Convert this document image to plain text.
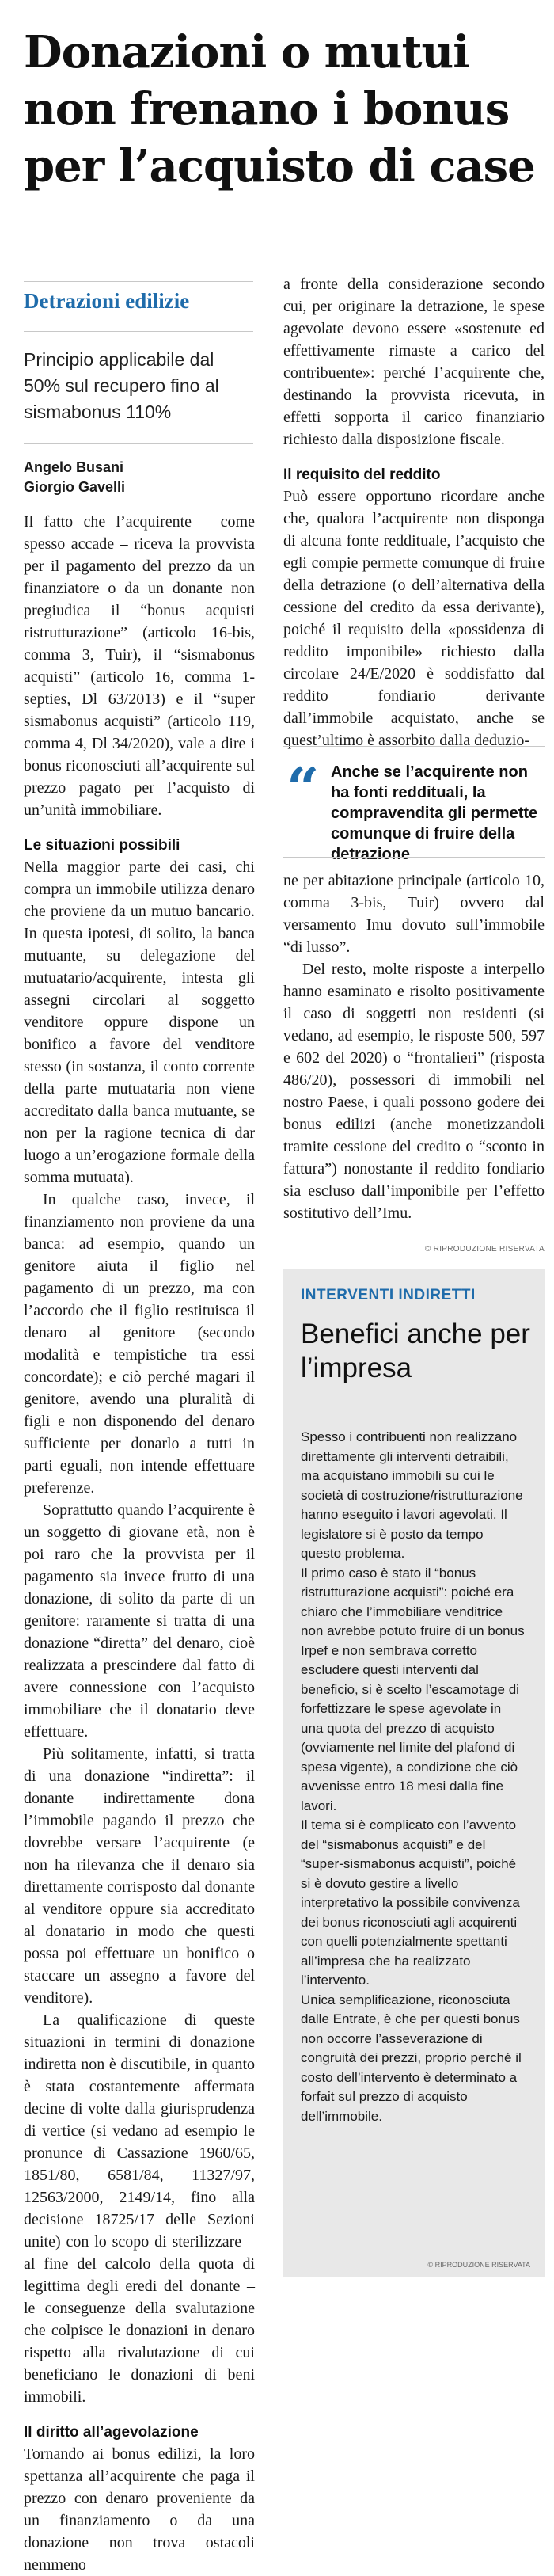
Donazioni o mutui non frenano i bonus per l’acquisto di case
Detrazioni edilizie
Principio applicabile dal 50% sul recupero fino al sismabonus 110%
Angelo Busani
Giorgio Gavelli
Il fatto che l’acquirente – come spesso accade – riceva la provvista per il pagamento del prezzo da un finanziatore o da un donante non pregiudica il “bonus acquisti ristrutturazione” (articolo 16-bis, comma 3, Tuir), il “sismabonus acquisti” (articolo 16, comma 1-septies, Dl 63/2013) e il “super sismabonus acquisti” (articolo 119, comma 4, Dl 34/2020), vale a dire i bonus riconosciuti all’acquirente sul prezzo pagato per l’acquisto di un’unità immobiliare.
Le situazioni possibili
Nella maggior parte dei casi, chi compra un immobile utilizza denaro che proviene da un mutuo bancario. In questa ipotesi, di solito, la banca mutuante, su delegazione del mutuatario/acquirente, intesta gli assegni circolari al soggetto venditore oppure dispone un bonifico a favore del venditore stesso (in sostanza, il conto corrente della parte mutuataria non viene accreditato dalla banca mutuante, se non per la ragione tecnica di dar luogo a un’erogazione formale della somma mutuata).
In qualche caso, invece, il finanziamento non proviene da una banca: ad esempio, quando un genitore aiuta il figlio nel pagamento di un prezzo, ma con l’accordo che il figlio restituisca il denaro al genitore (secondo modalità e tempistiche tra essi concordate); e ciò perché magari il genitore, avendo una pluralità di figli e non disponendo del denaro sufficiente per donarlo a tutti in parti eguali, non intende effettuare preferenze.
Soprattutto quando l’acquirente è un soggetto di giovane età, non è poi raro che la provvista per il pagamento sia invece frutto di una donazione, di solito da parte di un genitore: raramente si tratta di una donazione “diretta” del denaro, cioè realizzata a prescindere dal fatto di avere connessione con l’acquisto immobiliare che il donatario deve effettuare.
Più solitamente, infatti, si tratta di una donazione “indiretta”: il donante indirettamente dona l’immobile pagando il prezzo che dovrebbe versare l’acquirente (e non ha rilevanza che il denaro sia direttamente corrisposto dal donante al venditore oppure sia accreditato al donatario in modo che questi possa poi effettuare un bonifico o staccare un assegno a favore del venditore).
La qualificazione di queste situazioni in termini di donazione indiretta non è discutibile, in quanto è stata costantemente affermata decine di volte dalla giurisprudenza di vertice (si vedano ad esempio le pronunce di Cassazione 1960/65, 1851/80, 6581/84, 11327/97, 12563/2000, 2149/14, fino alla decisione 18725/17 delle Sezioni unite) con lo scopo di sterilizzare – al fine del calcolo della quota di legittima degli eredi del donante – le conseguenze della svalutazione che colpisce le donazioni in denaro rispetto alla rivalutazione di cui beneficiano le donazioni di beni immobili.
Il diritto all’agevolazione
Tornando ai bonus edilizi, la loro spettanza all’acquirente che paga il prezzo con denaro proveniente da un finanziamento o da una donazione non trova ostacoli nemmeno
a fronte della considerazione secondo cui, per originare la detrazione, le spese agevolate devono essere «sostenute ed effettivamente rimaste a carico del contribuente»: perché l’acquirente che, destinando la provvista ricevuta, in effetti sopporta il carico finanziario richiesto dalla disposizione fiscale.
Il requisito del reddito
Può essere opportuno ricordare anche che, qualora l’acquirente non disponga di alcuna fonte reddituale, l’acquisto che egli compie permette comunque di fruire della detrazione (o dell’alternativa della cessione del credito da essa derivante), poiché il requisito della «possidenza di reddito imponibile» richiesto dalla circolare 24/E/2020 è soddisfatto dal reddito fondiario derivante dall’immobile acquistato, anche se quest’ultimo è assorbito dalla deduzio-
“ Anche se l’acquirente non ha fonti reddituali, la compravendita gli permette comunque di fruire della detrazione
ne per abitazione principale (articolo 10, comma 3-bis, Tuir) ovvero dal versamento Imu dovuto sull’immobile “di lusso”.
Del resto, molte risposte a interpello hanno esaminato e risolto positivamente il caso di soggetti non residenti (si vedano, ad esempio, le risposte 500, 597 e 602 del 2020) o “frontalieri” (risposta 486/20), possessori di immobili nel nostro Paese, i quali possono godere dei bonus edilizi (anche monetizzandoli tramite cessione del credito o “sconto in fattura”) nonostante il reddito fondiario sia escluso dall’imponibile per l’effetto sostitutivo dell’Imu.
© RIPRODUZIONE RISERVATA
INTERVENTI INDIRETTI
Benefici anche per l’impresa
Spesso i contribuenti non realizzano direttamente gli interventi detraibili, ma acquistano immobili su cui le società di costruzione/ristrutturazione hanno eseguito i lavori agevolati. Il legislatore si è posto da tempo questo problema.
Il primo caso è stato il “bonus ristrutturazione acquisti”: poiché era chiaro che l’immobiliare venditrice non avrebbe potuto fruire di un bonus Irpef e non sembrava corretto escludere questi interventi dal beneficio, si è scelto l’escamotage di forfettizzare le spese agevolate in una quota del prezzo di acquisto (ovviamente nel limite del plafond di spesa vigente), a condizione che ciò avvenisse entro 18 mesi dalla fine lavori.
Il tema si è complicato con l’avvento del “sismabonus acquisti” e del “super-sismabonus acquisti”, poiché si è dovuto gestire a livello interpretativo la possibile convivenza dei bonus riconosciuti agli acquirenti con quelli potenzialmente spettanti all’impresa che ha realizzato l’intervento.
Unica semplificazione, riconosciuta dalle Entrate, è che per questi bonus non occorre l’asseverazione di congruità dei prezzi, proprio perché il costo dell’intervento è determinato a forfait sul prezzo di acquisto dell’immobile.
© RIPRODUZIONE RISERVATA
